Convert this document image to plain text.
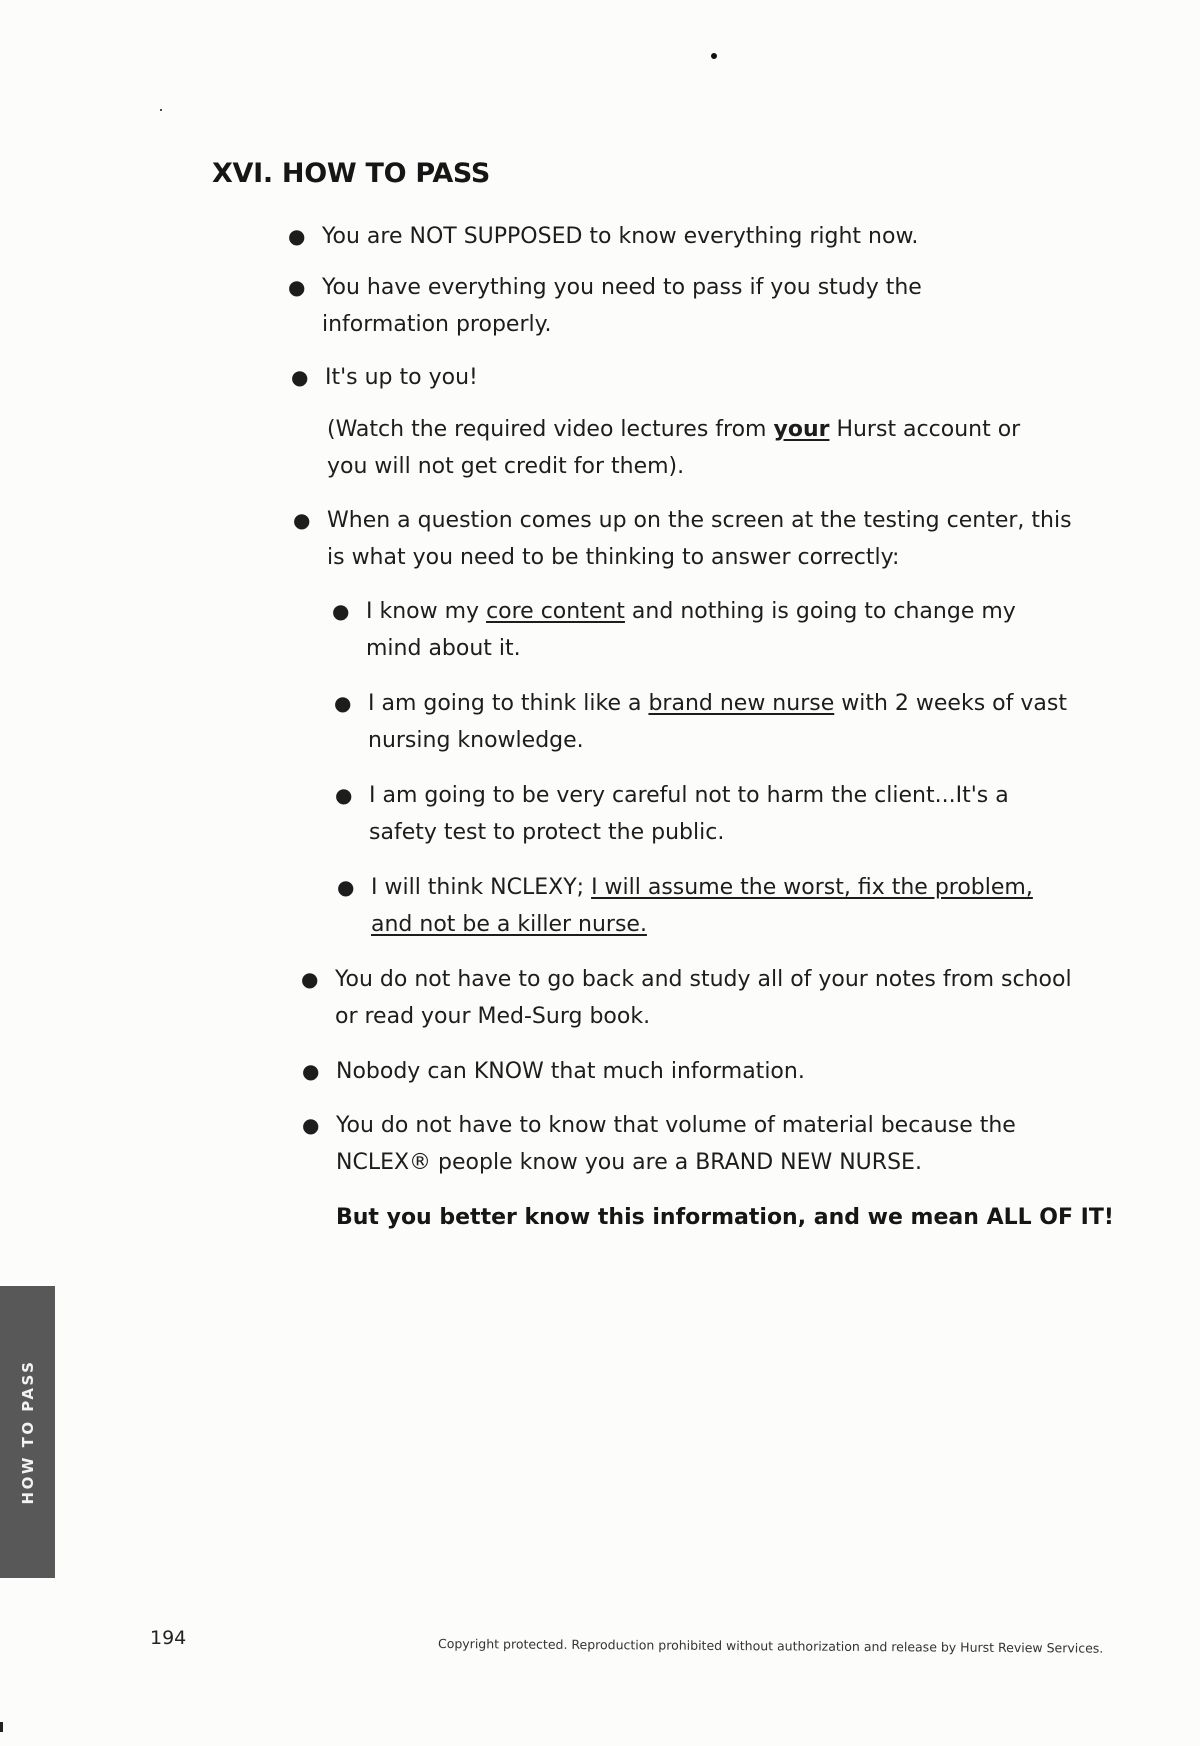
XVI. HOW TO PASS
● You are NOT SUPPOSED to know everything right now.
● You have everything you need to pass if you study the information properly.
● It's up to you!
(Watch the required video lectures from your Hurst account or you will not get credit for them).
● When a question comes up on the screen at the testing center, this is what you need to be thinking to answer correctly:
● I know my core content and nothing is going to change my mind about it.
● I am going to think like a brand new nurse with 2 weeks of vast nursing knowledge.
● I am going to be very careful not to harm the client...It's a safety test to protect the public.
● I will think NCLEXY; I will assume the worst, fix the problem, and not be a killer nurse.
● You do not have to go back and study all of your notes from school or read your Med-Surg book.
● Nobody can KNOW that much information.
● You do not have to know that volume of material because the NCLEX® people know you are a BRAND NEW NURSE.
But you better know this information, and we mean ALL OF IT!
HOW TO PASS
194	Copyright protected. Reproduction prohibited without authorization and release by Hurst Review Services.
